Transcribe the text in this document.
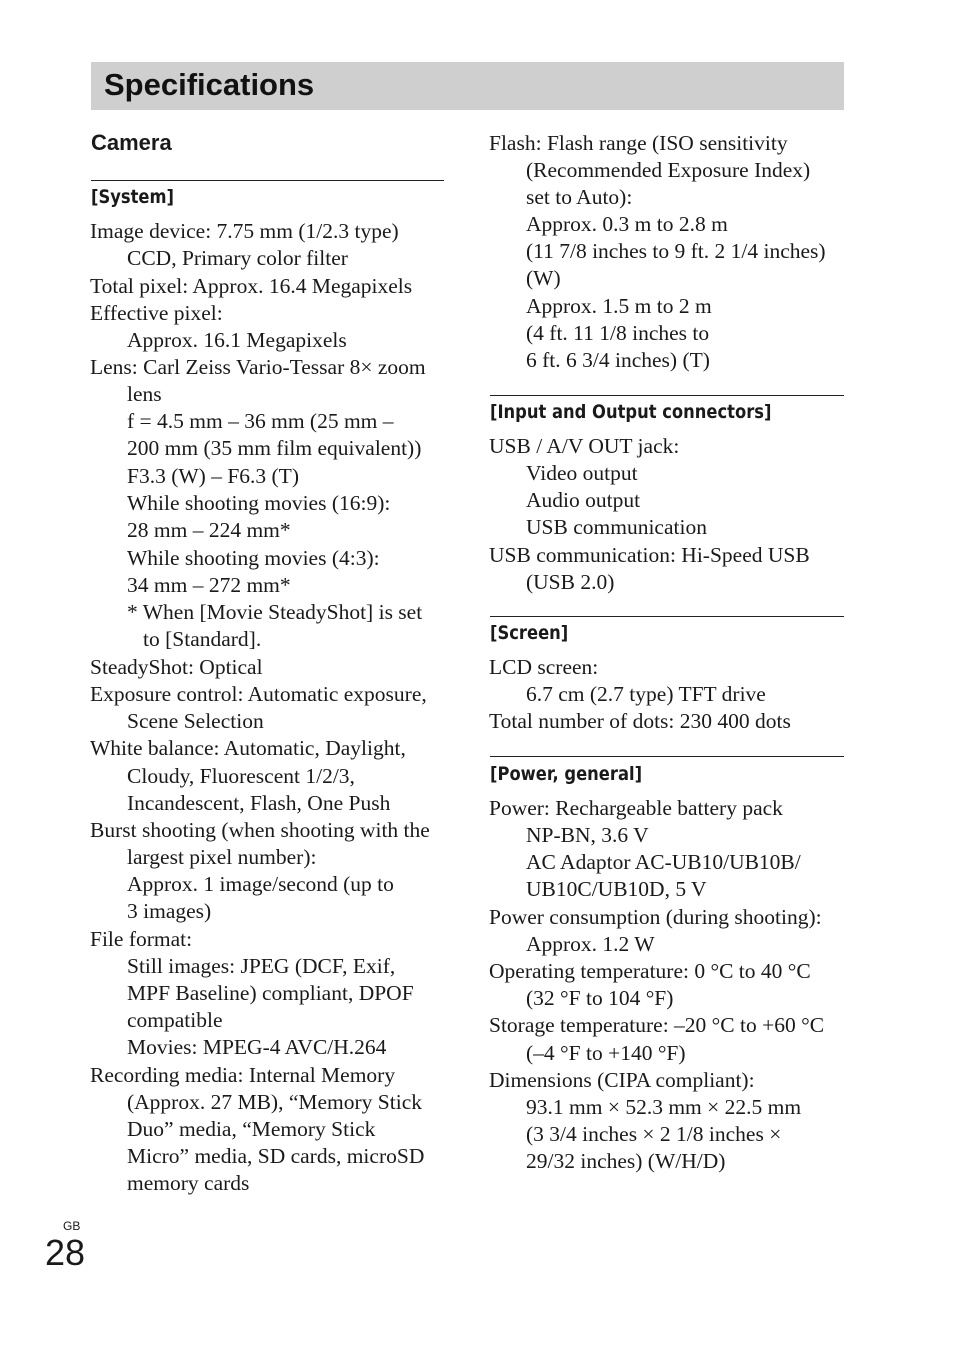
Specifications
Camera
[System]
Image device: 7.75 mm (1/2.3 type)
CCD, Primary color filter
Total pixel: Approx. 16.4 Megapixels
Effective pixel:
Approx. 16.1 Megapixels
Lens: Carl Zeiss Vario-Tessar 8× zoom
lens
f = 4.5 mm – 36 mm (25 mm –
200 mm (35 mm film equivalent))
F3.3 (W) – F6.3 (T)
While shooting movies (16:9):
28 mm – 224 mm*
While shooting movies (4:3):
34 mm – 272 mm*
* When [Movie SteadyShot] is set
to [Standard].
SteadyShot: Optical
Exposure control: Automatic exposure,
Scene Selection
White balance: Automatic, Daylight,
Cloudy, Fluorescent 1/2/3,
Incandescent, Flash, One Push
Burst shooting (when shooting with the
largest pixel number):
Approx. 1 image/second (up to
3 images)
File format:
Still images: JPEG (DCF, Exif,
MPF Baseline) compliant, DPOF
compatible
Movies: MPEG-4 AVC/H.264
Recording media: Internal Memory
(Approx. 27 MB), “Memory Stick
Duo” media, “Memory Stick
Micro” media, SD cards, microSD
memory cards
Flash: Flash range (ISO sensitivity
(Recommended Exposure Index)
set to Auto):
Approx. 0.3 m to 2.8 m
(11 7/8 inches to 9 ft. 2 1/4 inches)
(W)
Approx. 1.5 m to 2 m
(4 ft. 11 1/8 inches to
6 ft. 6 3/4 inches) (T)
[Input and Output connectors]
USB / A/V OUT jack:
Video output
Audio output
USB communication
USB communication: Hi-Speed USB
(USB 2.0)
[Screen]
LCD screen:
6.7 cm (2.7 type) TFT drive
Total number of dots: 230 400 dots
[Power, general]
Power: Rechargeable battery pack
NP-BN, 3.6 V
AC Adaptor AC-UB10/UB10B/
UB10C/UB10D, 5 V
Power consumption (during shooting):
Approx. 1.2 W
Operating temperature: 0 °C to 40 °C
(32 °F to 104 °F)
Storage temperature: –20 °C to +60 °C
(–4 °F to +140 °F)
Dimensions (CIPA compliant):
93.1 mm × 52.3 mm × 22.5 mm
(3 3/4 inches × 2 1/8 inches ×
29/32 inches) (W/H/D)
GB
28
